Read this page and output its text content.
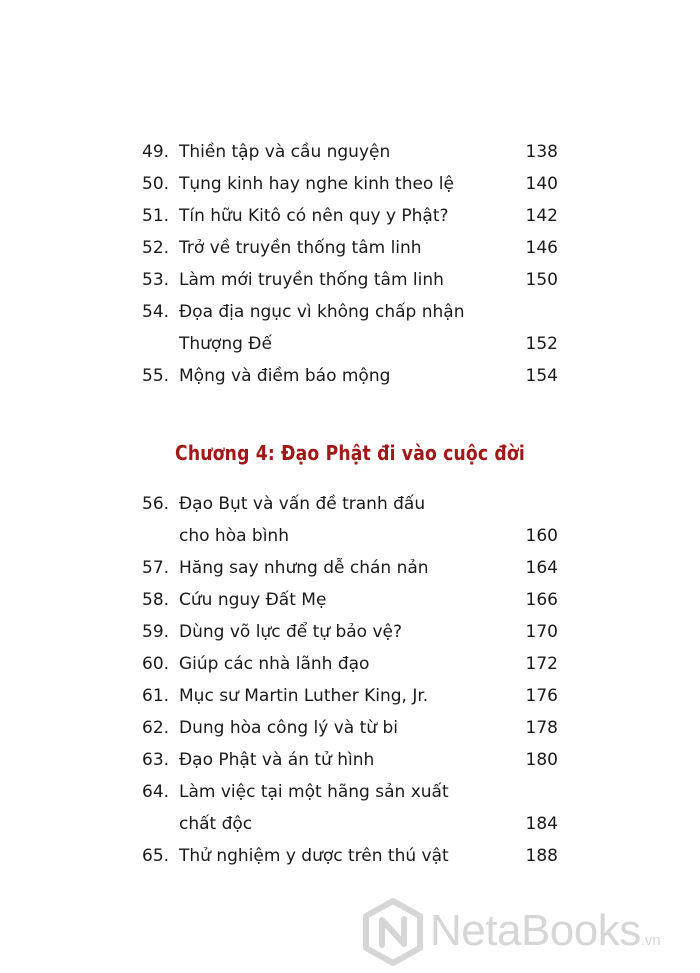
49. Thiền tập và cầu nguyện	138
50. Tụng kinh hay nghe kinh theo lệ	140
51. Tín hữu Kitô có nên quy y Phật?	142
52. Trở về truyền thống tâm linh	146
53. Làm mới truyền thống tâm linh	150
54. Đọa địa ngục vì không chấp nhận
Thượng Đế	152
55. Mộng và điềm báo mộng	154
Chương 4: Đạo Phật đi vào cuộc đời
56. Đạo Bụt và vấn đề tranh đấu
cho hòa bình	160
57. Hăng say nhưng dễ chán nản	164
58. Cứu nguy Đất Mẹ	166
59. Dùng võ lực để tự bảo vệ?	170
60. Giúp các nhà lãnh đạo	172
61. Mục sư Martin Luther King, Jr.	176
62. Dung hòa công lý và từ bi	178
63. Đạo Phật và án tử hình	180
64. Làm việc tại một hãng sản xuất
chất độc	184
65. Thử nghiệm y dược trên thú vật	188
NetaBooks.vn
